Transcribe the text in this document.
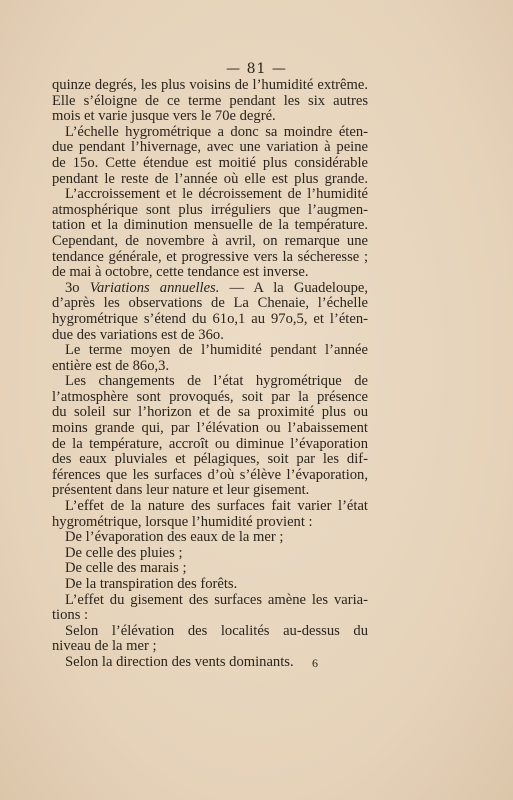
— 81 —

quinze degrés, les plus voisins de l’humidité extrême.
Elle s’éloigne de ce terme pendant les six autres
mois et varie jusque vers le 70e degré.

L’échelle hygrométrique a donc sa moindre éten-
due pendant l’hivernage, avec une variation à peine
de 15o. Cette étendue est moitié plus considérable
pendant le reste de l’année où elle est plus grande.

L’accroissement et le décroissement de l’humidité
atmosphérique sont plus irréguliers que l’augmen-
tation et la diminution mensuelle de la température.
Cependant, de novembre à avril, on remarque une
tendance générale, et progressive vers la sécheresse ;
de mai à octobre, cette tendance est inverse.

3o Variations annuelles. — A la Guadeloupe,
d’après les observations de La Chenaie, l’échelle
hygrométrique s’étend du 61o,1 au 97o,5, et l’éten-
due des variations est de 36o.

Le terme moyen de l’humidité pendant l’année
entière est de 86o,3.

Les changements de l’état hygrométrique de
l’atmosphère sont provoqués, soit par la présence
du soleil sur l’horizon et de sa proximité plus ou
moins grande qui, par l’élévation ou l’abaissement
de la température, accroît ou diminue l’évaporation
des eaux pluviales et pélagiques, soit par les dif-
férences que les surfaces d’où s’élève l’évaporation,
présentent dans leur nature et leur gisement.

L’effet de la nature des surfaces fait varier l’état
hygrométrique, lorsque l’humidité provient :

De l’évaporation des eaux de la mer ;

De celle des pluies ;

De celle des marais ;

De la transpiration des forêts.

L’effet du gisement des surfaces amène les varia-
tions :

Selon l’élévation des localités au-dessus du
niveau de la mer ;

Selon la direction des vents dominants.	6
